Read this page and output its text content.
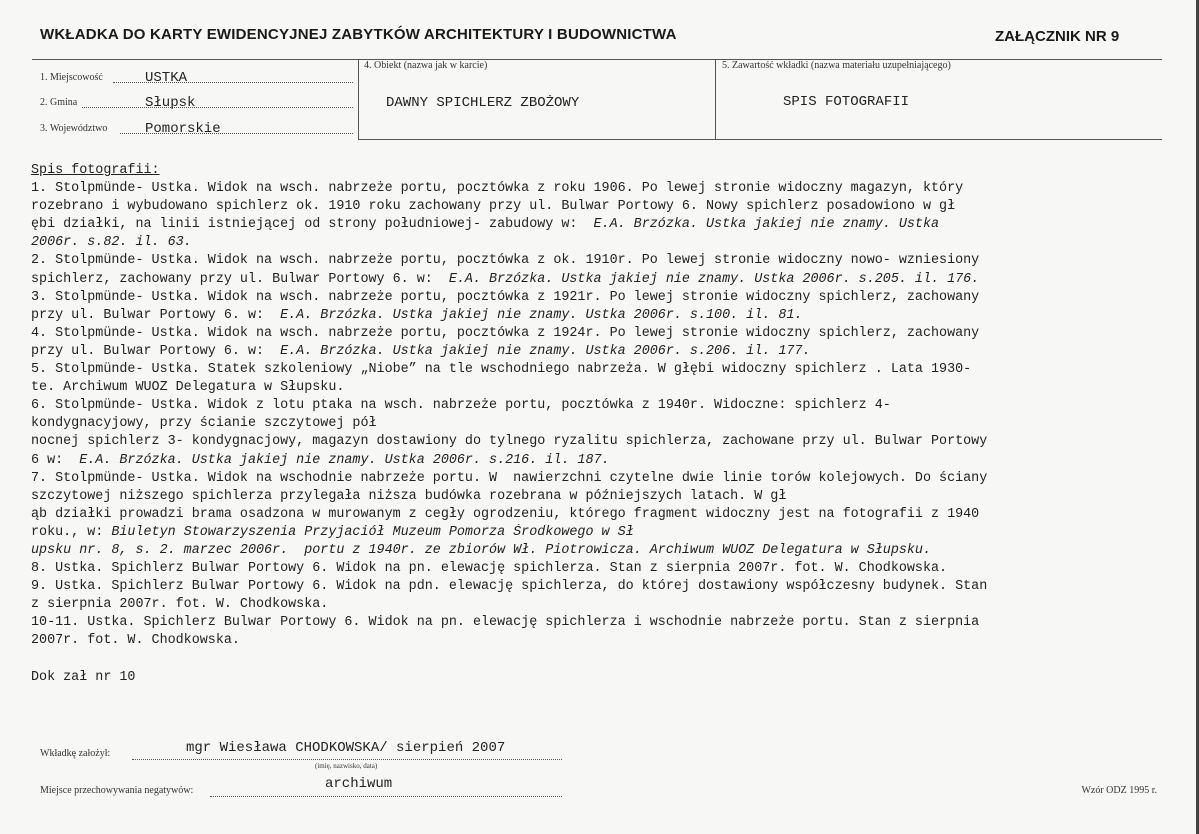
WKŁADKA DO KARTY EWIDENCYJNEJ ZABYTKÓW ARCHITEKTURY I BUDOWNICTWA	ZAŁĄCZNIK NR 9
1. Miejscowość	USTKA
2. Gmina	Słupsk
3. Województwo	Pomorskie
4. Obiekt (nazwa jak w karcie)
DAWNY SPICHLERZ ZBOŻOWY
5. Zawartość wkładki (nazwa materiału uzupełniającego)
SPIS FOTOGRAFII
Spis fotografii:
1. Stolpmünde- Ustka. Widok na wsch. nabrzeże portu, pocztówka z roku 1906. Po lewej stronie widoczny magazyn, który
rozebrano i wybudowano spichlerz ok. 1910 roku zachowany przy ul. Bulwar Portowy 6. Nowy spichlerz posadowiono w gł
ębi działki, na linii istniejącej od strony południowej- zabudowy w:  E.A. Brzózka. Ustka jakiej nie znamy. Ustka
2006r. s.82. il. 63.
2. Stolpmünde- Ustka. Widok na wsch. nabrzeże portu, pocztówka z ok. 1910r. Po lewej stronie widoczny nowo- wzniesiony
spichlerz, zachowany przy ul. Bulwar Portowy 6. w:  E.A. Brzózka. Ustka jakiej nie znamy. Ustka 2006r. s.205. il. 176.
3. Stolpmünde- Ustka. Widok na wsch. nabrzeże portu, pocztówka z 1921r. Po lewej stronie widoczny spichlerz, zachowany
przy ul. Bulwar Portowy 6. w:  E.A. Brzózka. Ustka jakiej nie znamy. Ustka 2006r. s.100. il. 81.
4. Stolpmünde- Ustka. Widok na wsch. nabrzeże portu, pocztówka z 1924r. Po lewej stronie widoczny spichlerz, zachowany
przy ul. Bulwar Portowy 6. w:  E.A. Brzózka. Ustka jakiej nie znamy. Ustka 2006r. s.206. il. 177.
5. Stolpmünde- Ustka. Statek szkoleniowy „Niobe” na tle wschodniego nabrzeża. W głębi widoczny spichlerz . Lata 1930-
te. Archiwum WUOZ Delegatura w Słupsku.
6. Stolpmünde- Ustka. Widok z lotu ptaka na wsch. nabrzeże portu, pocztówka z 1940r. Widoczne: spichlerz 4-
kondygnacyjowy, przy ścianie szczytowej pół
nocnej spichlerz 3- kondygnacjowy, magazyn dostawiony do tylnego ryzalitu spichlerza, zachowane przy ul. Bulwar Portowy
6 w:  E.A. Brzózka. Ustka jakiej nie znamy. Ustka 2006r. s.216. il. 187.
7. Stolpmünde- Ustka. Widok na wschodnie nabrzeże portu. W  nawierzchni czytelne dwie linie torów kolejowych. Do ściany
szczytowej niższego spichlerza przylegała niższa budówka rozebrana w późniejszych latach. W gł
ąb działki prowadzi brama osadzona w murowanym z cegły ogrodzeniu, którego fragment widoczny jest na fotografii z 1940
roku., w: Biuletyn Stowarzyszenia Przyjaciół Muzeum Pomorza Środkowego w Sł
upsku nr. 8, s. 2. marzec 2006r.  portu z 1940r. ze zbiorów Wł. Piotrowicza. Archiwum WUOZ Delegatura w Słupsku.
8. Ustka. Spichlerz Bulwar Portowy 6. Widok na pn. elewację spichlerza. Stan z sierpnia 2007r. fot. W. Chodkowska.
9. Ustka. Spichlerz Bulwar Portowy 6. Widok na pdn. elewację spichlerza, do której dostawiony współczesny budynek. Stan
z sierpnia 2007r. fot. W. Chodkowska.
10-11. Ustka. Spichlerz Bulwar Portowy 6. Widok na pn. elewację spichlerza i wschodnie nabrzeże portu. Stan z sierpnia
2007r. fot. W. Chodkowska.
Dok zał nr 10
Wkładkę założył:	mgr Wiesława CHODKOWSKA/ sierpień 2007
(imię, nazwisko, data)
Miejsce przechowywania negatywów:	archiwum	Wzór ODZ 1995 r.
